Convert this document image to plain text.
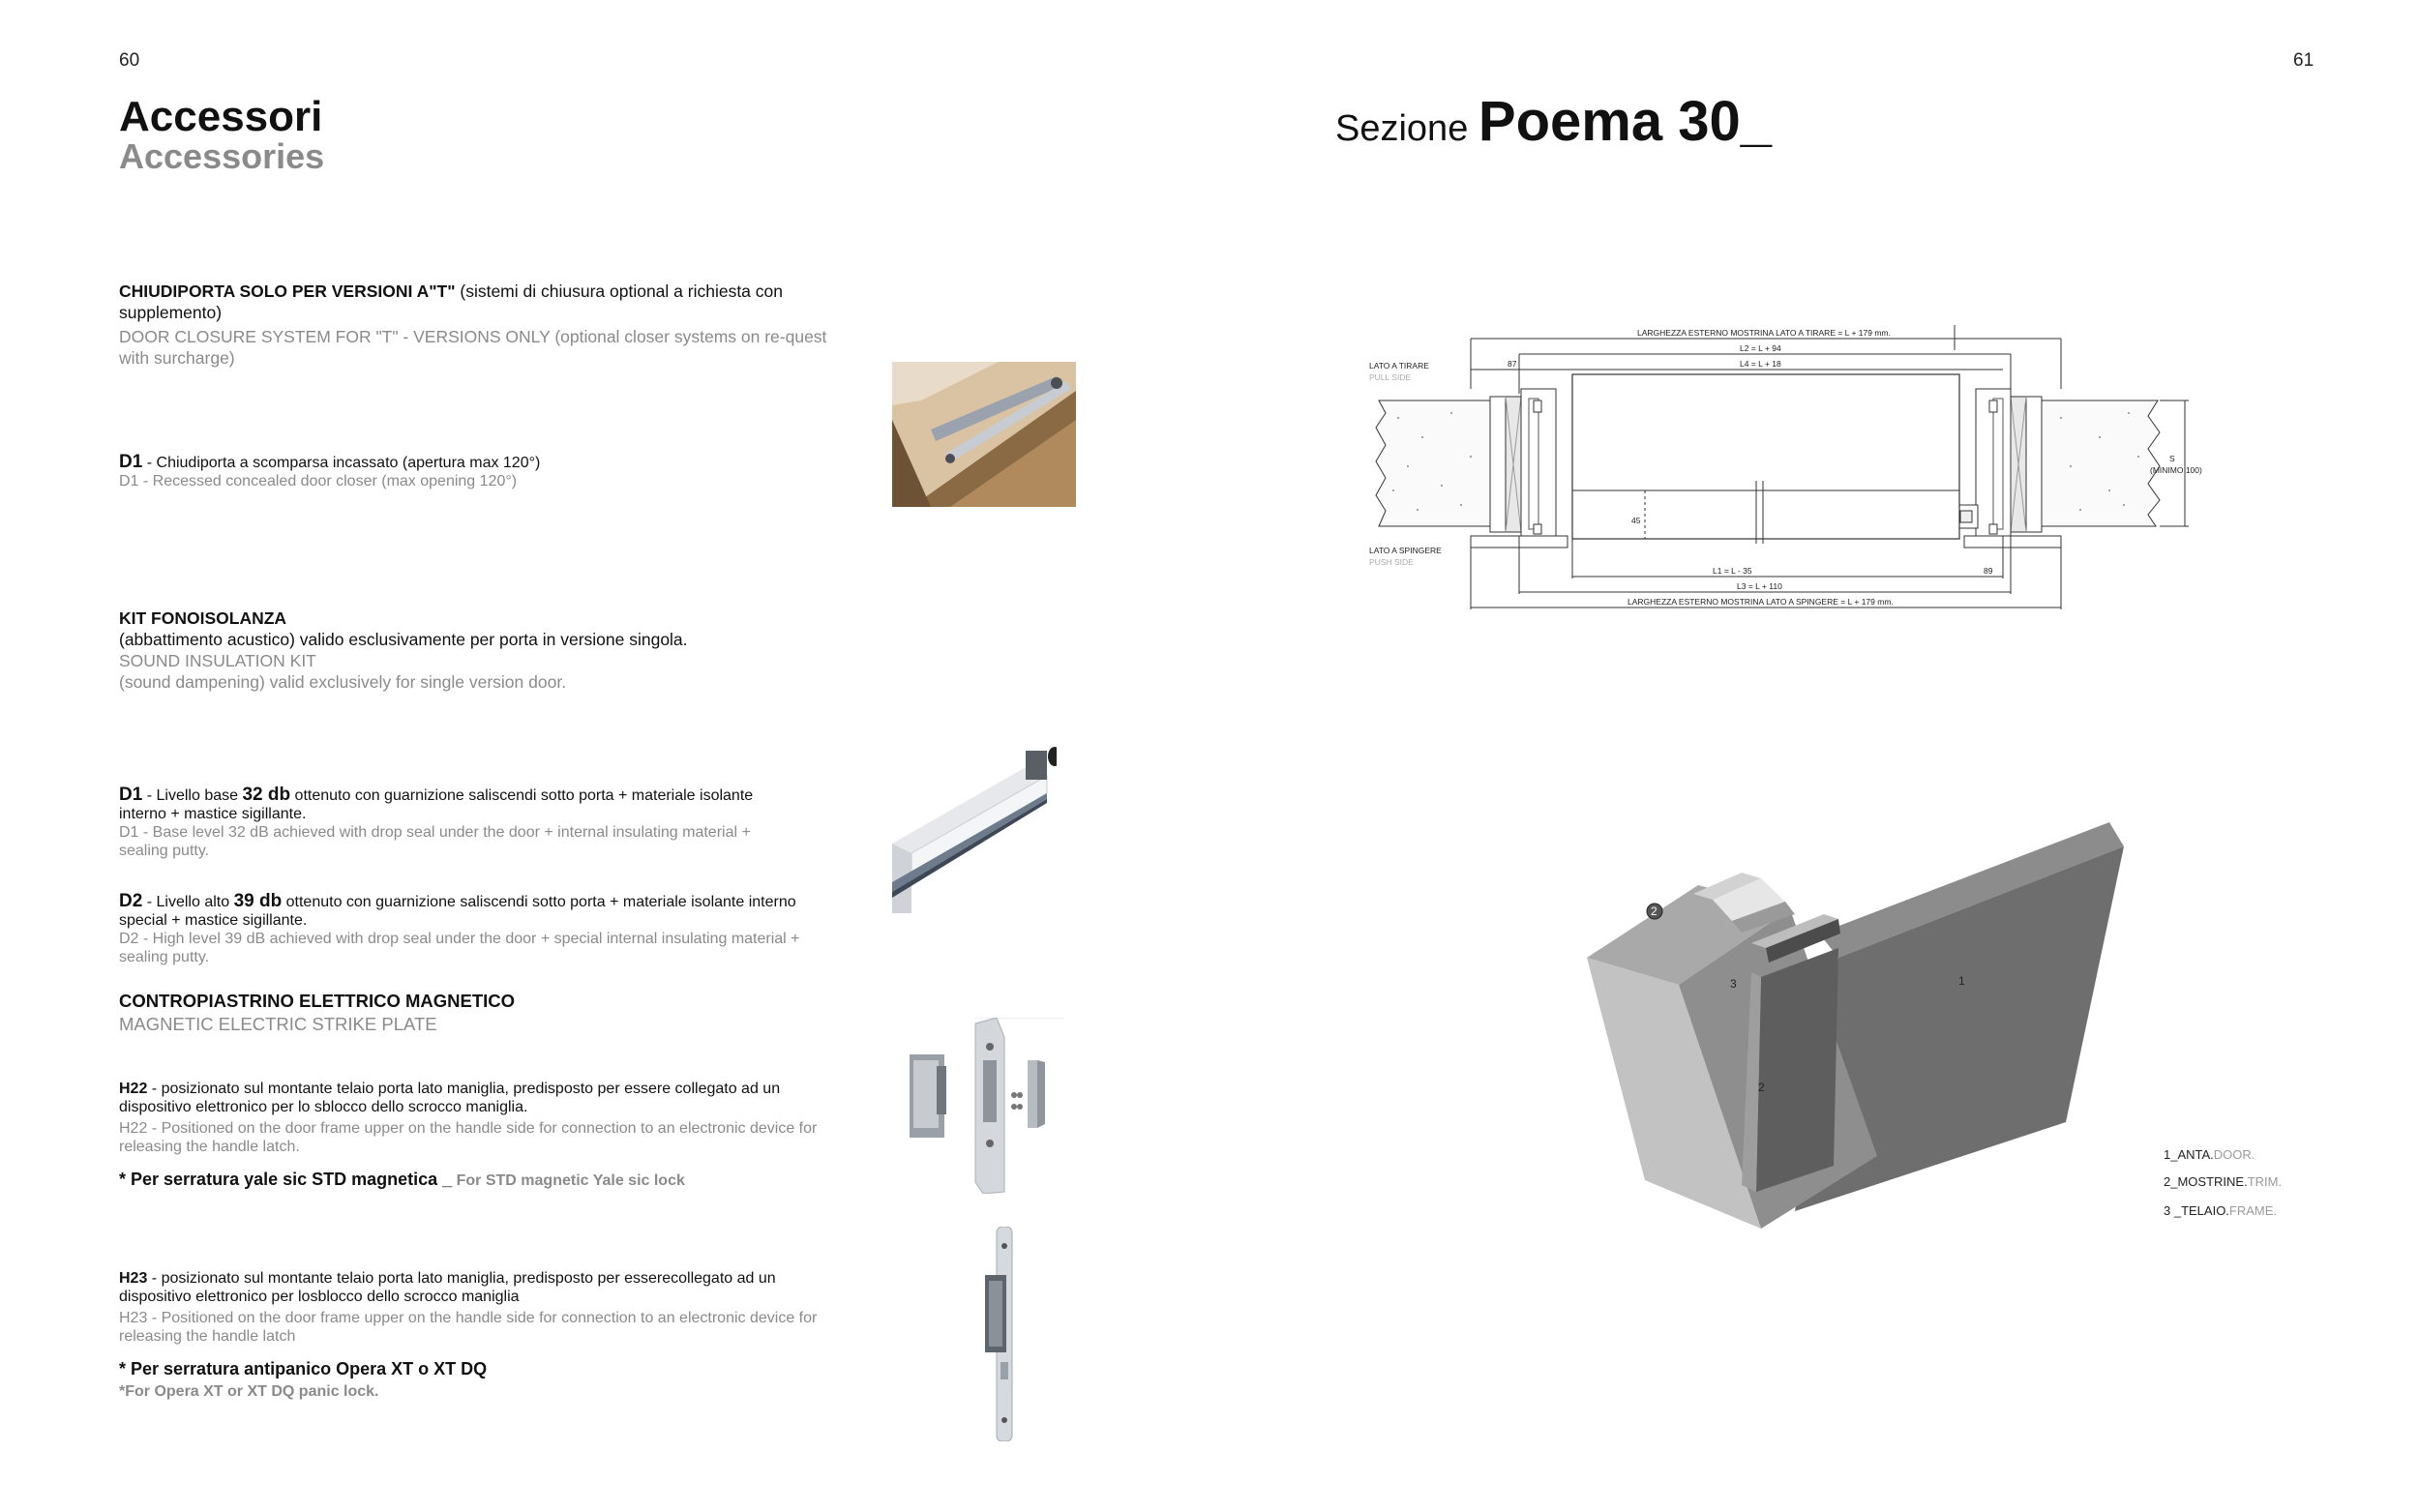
60
Accessori
Accessories
CHIUDIPORTA SOLO PER VERSIONI A"T" (sistemi di chiusura optional a richiesta con supplemento)
DOOR CLOSURE SYSTEM FOR "T" - VERSIONS ONLY (optional closer systems on re-quest with surcharge)
D1 - Chiudiporta a scomparsa incassato (apertura max 120°)
D1 - Recessed concealed door closer (max opening 120°)
KIT FONOISOLANZA
(abbattimento acustico) valido esclusivamente per porta in versione singola.
SOUND INSULATION KIT
(sound dampening) valid exclusively for single version door.
D1 - Livello base 32 db ottenuto con guarnizione saliscendi sotto porta + materiale isolante interno + mastice sigillante.
D1 - Base level 32 dB achieved with drop seal under the door + internal insulating material + sealing putty.
D2 - Livello alto 39 db ottenuto con guarnizione saliscendi sotto porta + materiale isolante interno special + mastice sigillante.
D2 - High level 39 dB achieved with drop seal under the door + special internal insulating material + sealing putty.
CONTROPIASTRINO ELETTRICO MAGNETICO
MAGNETIC ELECTRIC STRIKE PLATE
H22 - posizionato sul montante telaio porta lato maniglia, predisposto per essere collegato ad un dispositivo elettronico per lo sblocco dello scrocco maniglia.
H22 - Positioned on the door frame upper on the handle side for connection to an electronic device for releasing the handle latch.
* Per serratura yale sic STD magnetica _ For STD magnetic Yale sic lock
H23 - posizionato sul montante telaio porta lato maniglia, predisposto per esserecollegato ad un dispositivo elettronico per losblocco dello scrocco maniglia
H23 - Positioned on the door frame upper on the handle side for connection to an electronic device for releasing the handle latch
* Per serratura antipanico Opera XT o XT DQ
*For Opera XT or XT DQ panic lock.
61
Sezione Poema 30_
LARGHEZZA ESTERNO MOSTRINA LATO A TIRARE = L + 179 mm.
L2 = L + 94
L4 = L + 18
87
LATO A TIRARE
PULL SIDE
LATO A SPINGERE
PUSH SIDE
S
(MINIMO 100)
45
L1 = L - 35	89
L3 = L + 110
LARGHEZZA ESTERNO MOSTRINA LATO A SPINGERE = L + 179 mm.
2
3	1
2
1_ANTA.DOOR.
2_MOSTRINE.TRIM.
3 _TELAIO.FRAME.
